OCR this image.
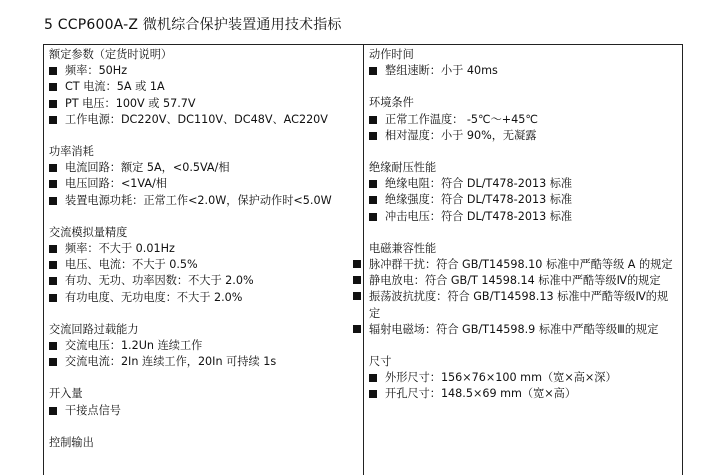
5 CCP600A-Z 微机综合保护装置通用技术指标
额定参数（定货时说明）
频率：50Hz
CT 电流：5A 或 1A
PT 电压：100V 或 57.7V
工作电源：DC220V、DC110V、DC48V、AC220V
功率消耗
电流回路：额定 5A，<0.5VA/相
电压回路：<1VA/相
装置电源功耗：正常工作<2.0W，保护动作时<5.0W
交流模拟量精度
频率：不大于 0.01Hz
电压、电流：不大于 0.5%
有功、无功、功率因数：不大于 2.0%
有功电度、无功电度：不大于 2.0%
交流回路过载能力
交流电压：1.2Un 连续工作
交流电流：2In 连续工作，20In 可持续 1s
开入量
干接点信号
控制输出
动作时间
整组速断：小于 40ms
环境条件
正常工作温度： -5℃～+45℃
相对湿度：小于 90%，无凝露
绝缘耐压性能
绝缘电阻：符合 DL/T478-2013 标准
绝缘强度：符合 DL/T478-2013 标准
冲击电压：符合 DL/T478-2013 标准
电磁兼容性能
脉冲群干扰：符合 GB/T14598.10 标准中严酷等级 A 的规定
静电放电：符合 GB/T 14598.14 标准中严酷等级Ⅳ的规定
振荡波抗扰度：符合 GB/T14598.13 标准中严酷等级Ⅳ的规定
辐射电磁场：符合 GB/T14598.9 标准中严酷等级Ⅲ的规定
尺寸
外形尺寸：156×76×100 mm（宽×高×深）
开孔尺寸：148.5×69 mm（宽×高）
